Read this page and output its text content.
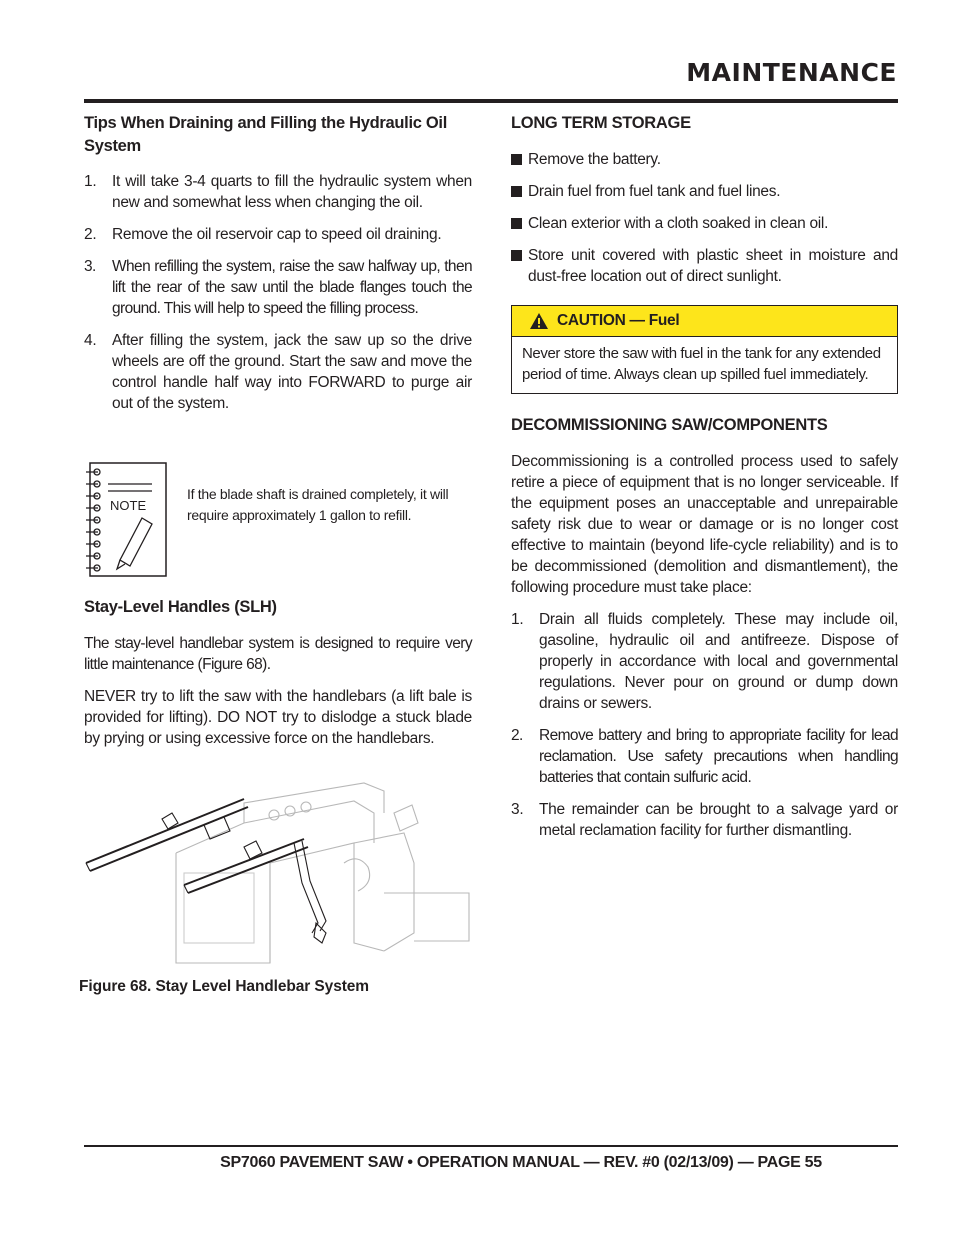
MAINTENANCE
Tips When Draining and Filling the Hydraulic Oil System
1. It will take 3-4 quarts to fill the hydraulic system when new and somewhat less when changing the oil.
2. Remove the oil reservoir cap to speed oil draining.
3. When refilling the system, raise the saw halfway up, then lift the rear of the saw until the blade flanges touch the ground. This will help to speed the filling process.
4. After filling the system, jack the saw up so the drive wheels are off the ground. Start the saw and move the control handle half way into FORWARD to purge air out of the system.
NOTE
If the blade shaft is drained completely, it will require approximately 1 gallon to refill.
Stay-Level Handles (SLH)

The stay-level handlebar system is designed to require very little maintenance (Figure 68).

NEVER try to lift the saw with the handlebars (a lift bale is provided for lifting). DO NOT try to dislodge a stuck blade by prying or using excessive force on the handlebars.

Figure 68. Stay Level Handlebar System
LONG TERM STORAGE
Remove the battery.
Drain fuel from fuel tank and fuel lines.
Clean exterior with a cloth soaked in clean oil.
Store unit covered with plastic sheet in moisture and dust-free location out of direct sunlight.
CAUTION — Fuel
Never store the saw with fuel in the tank for any extended period of time. Always clean up spilled fuel immediately.
DECOMMISSIONING SAW/COMPONENTS

Decommissioning is a controlled process used to safely retire a piece of equipment that is no longer serviceable. If the equipment poses an unacceptable and unrepairable safety risk due to wear or damage or is no longer cost effective to maintain (beyond life-cycle reliability) and is to be decommissioned (demolition and dismantlement), the following procedure must take place:

1. Drain all fluids completely. These may include oil, gasoline, hydraulic oil and antifreeze. Dispose of properly in accordance with local and governmental regulations. Never pour on ground or dump down drains or sewers.
2. Remove battery and bring to appropriate facility for lead reclamation. Use safety precautions when handling batteries that contain sulfuric acid.
3. The remainder can be brought to a salvage yard or metal reclamation facility for further dismantling.
SP7060 PAVEMENT SAW • OPERATION MANUAL — REV. #0 (02/13/09) — PAGE 55
